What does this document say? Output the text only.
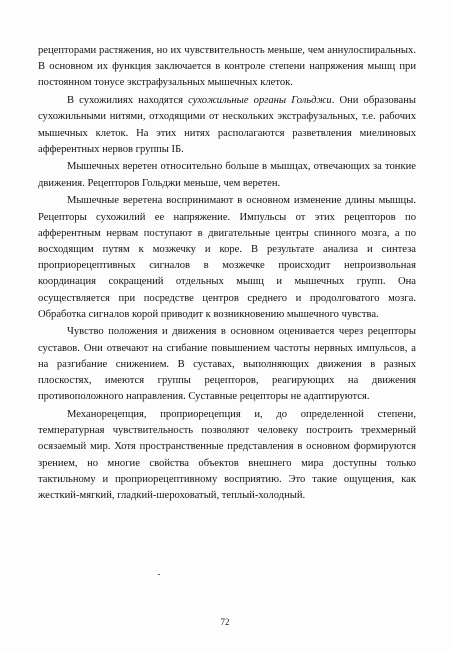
рецепторами растяжения, но их чувствительность меньше, чем аннулоспиральных. В основном их функция заключается в контроле степени напряжения мышц при постоянном тонусе экстрафузальных мышечных клеток.

В сухожилиях находятся сухожильные органы Гольджи. Они образованы сухожильными нитями, отходящими от нескольких экстрафузальных, т.е. рабочих мышечных клеток. На этих нитях располагаются разветвления миелиновых афферентных нервов группы IБ.

Мышечных веретен относительно больше в мышцах, отвечающих за тонкие движения. Рецепторов Гольджи меньше, чем веретен.

Мышечные веретена воспринимают в основном изменение длины мышцы. Рецепторы сухожилий ее напряжение. Импульсы от этих рецепторов по афферентным нервам поступают в двигательные центры спинного мозга, а по восходящим путям к мозжечку и коре. В результате анализа и синтеза проприорецептивных сигналов в мозжечке происходит непроизвольная координация сокращений отдельных мышц и мышечных групп. Она осуществляется при посредстве центров среднего и продолговатого мозга. Обработка сигналов корой приводит к возникновению мышечного чувства.

Чувство положения и движения в основном оценивается через рецепторы суставов. Они отвечают на сгибание повышением частоты нервных импульсов, а на разгибание снижением. В суставах, выполняющих движения в разных плоскостях, имеются группы рецепторов, реагирующих на движения противоположного направления. Суставные рецепторы не адаптируются.

Механорецепция, проприорецепция и, до определенной степени, температурная чувствительность позволяют человеку построить трехмерный осязаемый мир. Хотя пространственные представления в основном формируются зрением, но многие свойства объектов внешнего мира доступны только тактильному и проприорецептивному восприятию. Это такие ощущения, как жесткий-мягкий, гладкий-шероховатый, теплый-холодный.

72
